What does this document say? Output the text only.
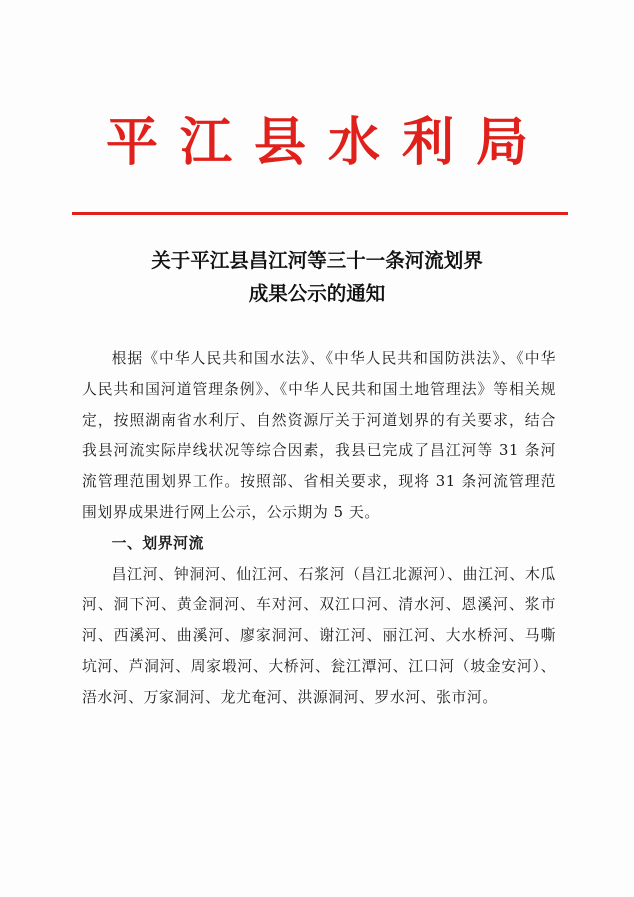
平江县水利局
关于平江县昌江河等三十一条河流划界
成果公示的通知

根据《中华人民共和国水法》、《中华人民共和国防洪法》、《中华人民共和国河道管理条例》、《中华人民共和国土地管理法》等相关规定，按照湖南省水利厅、自然资源厅关于河道划界的有关要求，结合我县河流实际岸线状况等综合因素，我县已完成了昌江河等 31 条河流管理范围划界工作。按照部、省相关要求，现将 31 条河流管理范围划界成果进行网上公示，公示期为 5 天。

一、划界河流

昌江河、钟洞河、仙江河、石浆河（昌江北源河）、曲江河、木瓜河、洞下河、黄金洞河、车对河、双江口河、清水河、恩溪河、浆市河、西溪河、曲溪河、廖家洞河、谢江河、丽江河、大水桥河、马嘶坑河、芦洞河、周家塅河、大桥河、瓮江潭河、江口河（坡金安河）、浯水河、万家洞河、龙尤奄河、洪源洞河、罗水河、张市河。
